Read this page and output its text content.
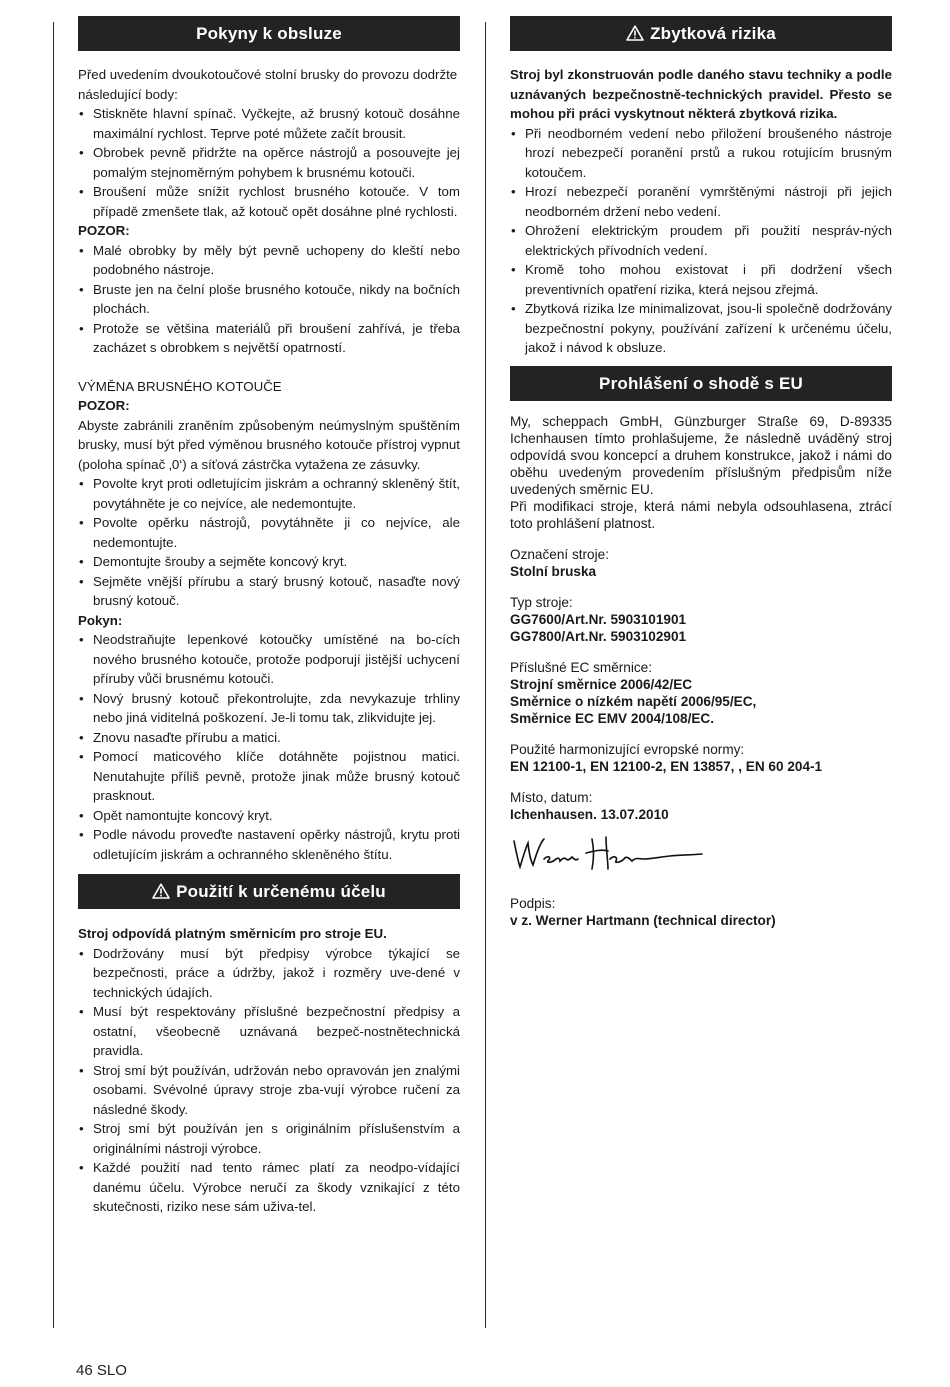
Pokyny k obsluze

Před uvedením dvoukotoučové stolní brusky do provozu dodržte následující body:

• Stiskněte hlavní spínač. Vyčkejte, až brusný kotouč dosáhne maximální rychlost. Teprve poté můžete začít brousit.
• Obrobek pevně přidržte na opěrce nástrojů a posouvejte jej pomalým stejnoměrným pohybem k brusnému kotouči.
• Broušení může snížit rychlost brusného kotouče. V tom případě zmenšete tlak, až kotouč opět dosáhne plné rychlosti.

POZOR:

• Malé obrobky by měly být pevně uchopeny do kleští nebo podobného nástroje.
• Bruste jen na čelní ploše brusného kotouče, nikdy na bočních plochách.
• Protože se většina materiálů při broušení zahřívá, je třeba zacházet s obrobkem s největší opatrností.

VÝMĚNA BRUSNÉHO KOTOUČE

POZOR:

Abyste zabránili zraněním způsobeným neúmyslným spuštěním brusky, musí být před výměnou brusného kotouče přístroj vypnut (poloha spínač ‚0‘) a síťová zástrčka vytažena ze zásuvky.

• Povolte kryt proti odletujícím jiskrám a ochranný skleněný štít, povytáhněte je co nejvíce, ale nedemontujte.
• Povolte opěrku nástrojů, povytáhněte ji co nejvíce, ale nedemontujte.
• Demontujte šrouby a sejměte koncový kryt.
• Sejměte vnější přírubu a starý brusný kotouč, nasaďte nový brusný kotouč.

Pokyn:

• Neodstraňujte lepenkové kotoučky umístěné na bo-cích nového brusného kotouče, protože podporují jistější uchycení příruby vůči brusnému kotouči.
• Nový brusný kotouč překontrolujte, zda nevykazuje trhliny nebo jiná viditelná poškození. Je-li tomu tak, zlikvidujte jej.
• Znovu nasaďte přírubu a matici.
• Pomocí maticového klíče dotáhněte pojistnou matici. Nenutahujte příliš pevně, protože jinak může brusný kotouč prasknout.
• Opět namontujte koncový kryt.
• Podle návodu proveďte nastavení opěrky nástrojů, krytu proti odletujícím jiskrám a ochranného skleněného štítu.
Použití k určenému účelu

Stroj odpovídá platným směrnicím pro stroje EU.

• Dodržovány musí být předpisy výrobce týkající se bezpečnosti, práce a údržby, jakož i rozměry uve-dené v technických údajích.
• Musí být respektovány příslušné bezpečnostní předpisy a ostatní, všeobecně uznávaná bezpeč-nostnětechnická pravidla.
• Stroj smí být používán, udržován nebo opravován jen znalými osobami. Svévolné úpravy stroje zba-vují výrobce ručení za následné škody.
• Stroj smí být používán jen s originálním příslušenstvím a originálními nástroji výrobce.
• Každé použití nad tento rámec platí za neodpo-vídající danému účelu. Výrobce neručí za škody vznikající z této skutečnosti, riziko nese sám uživa-tel.
Zbytková rizika

Stroj byl zkonstruován podle daného stavu techniky a podle uznávaných bezpečnostně-technických pravidel. Přesto se mohou při práci vyskytnout některá zbytková rizika.

• Při neodborném vedení nebo přiložení broušeného nástroje hrozí nebezpečí poranění prstů a rukou rotujícím brusným kotoučem.
• Hrozí nebezpečí poranění vymrštěnými nástroji při jejich neodborném držení nebo vedení.
• Ohrožení elektrickým proudem při použití nespráv-ných elektrických přívodních vedení.
• Kromě toho mohou existovat i při dodržení všech preventivních opatření rizika, která nejsou zřejmá.
• Zbytková rizika lze minimalizovat, jsou-li společně dodržovány bezpečnostní pokyny, používání zařízení k určenému účelu, jakož i návod k obsluze.
Prohlášení o shodě s EU

My, scheppach GmbH, Günzburger Straße 69, D-89335 Ichenhausen tímto prohlašujeme, že následně uváděný stroj odpovídá svou koncepcí a druhem konstrukce, jakož i námi do oběhu uvedeným provedením příslušným předpisům níže uvedených směrnic EU.

Při modifikaci stroje, která námi nebyla odsouhlasena, ztrácí toto prohlášení platnost.

Označení stroje:

Stolní bruska

Typ stroje:

GG7600/Art.Nr. 5903101901

GG7800/Art.Nr. 5903102901

Příslušné EC směrnice:

Strojní směrnice 2006/42/EC

Směrnice o nízkém napětí 2006/95/EC,

Směrnice EC EMV 2004/108/EC.

Použité harmonizující evropské normy:

EN 12100-1, EN 12100-2, EN 13857, , EN 60 204-1

Místo, datum:

Ichenhausen. 13.07.2010

Podpis:

v z. Werner Hartmann (technical director)

46 SLO
